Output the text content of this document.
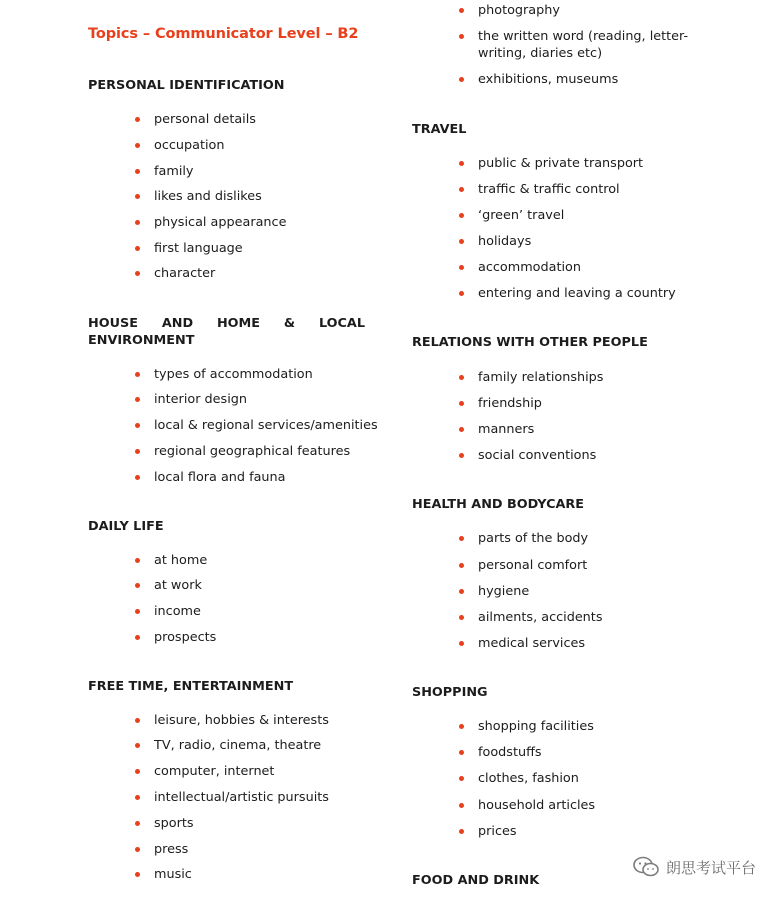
Topics – Communicator Level – B2
PERSONAL IDENTIFICATION
personal details
occupation
family
likes and dislikes
physical appearance
first language
character
HOUSE AND HOME & LOCAL
ENVIRONMENT
types of accommodation
interior design
local & regional services/amenities
regional geographical features
local flora and fauna
DAILY LIFE
at home
at work
income
prospects
FREE TIME, ENTERTAINMENT
leisure, hobbies & interests
TV, radio, cinema, theatre
computer, internet
intellectual/artistic pursuits
sports
press
music
photography
the written word (reading, letter-writing, diaries etc)
exhibitions, museums
TRAVEL
public & private transport
traffic & traffic control
‘green’ travel
holidays
accommodation
entering and leaving a country
RELATIONS WITH OTHER PEOPLE
family relationships
friendship
manners
social conventions
HEALTH AND BODYCARE
parts of the body
personal comfort
hygiene
ailments, accidents
medical services
SHOPPING
shopping facilities
foodstuffs
clothes, fashion
household articles
prices
FOOD AND DRINK
朗思考试平台
